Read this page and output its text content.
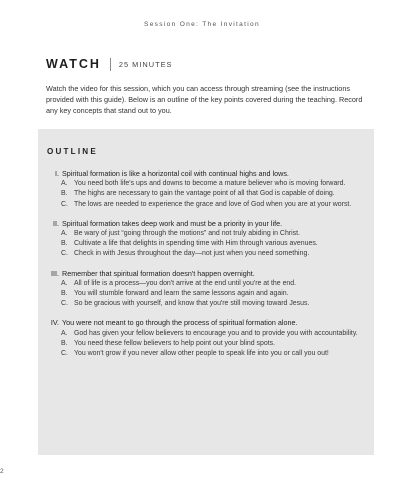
Session One: The Invitation
WATCH 25 MINUTES

Watch the video for this session, which you can access through streaming (see the instructions provided with this guide). Below is an outline of the key points covered during the teaching. Record any key concepts that stand out to you.

OUTLINE
I. Spiritual formation is like a horizontal coil with continual highs and lows.
A. You need both life's ups and downs to become a mature believer who is moving forward.
B. The highs are necessary to gain the vantage point of all that God is capable of doing.
C. The lows are needed to experience the grace and love of God when you are at your worst.
II. Spiritual formation takes deep work and must be a priority in your life.
A. Be wary of just “going through the motions” and not truly abiding in Christ.
B. Cultivate a life that delights in spending time with Him through various avenues.
C. Check in with Jesus throughout the day—not just when you need something.
III. Remember that spiritual formation doesn't happen overnight.
A. All of life is a process—you don't arrive at the end until you're at the end.
B. You will stumble forward and learn the same lessons again and again.
C. So be gracious with yourself, and know that you're still moving toward Jesus.
IV. You were not meant to go through the process of spiritual formation alone.
A. God has given your fellow believers to encourage you and to provide you with accountability.
B. You need these fellow believers to help point out your blind spots.
C. You won't grow if you never allow other people to speak life into you or call you out!
2
